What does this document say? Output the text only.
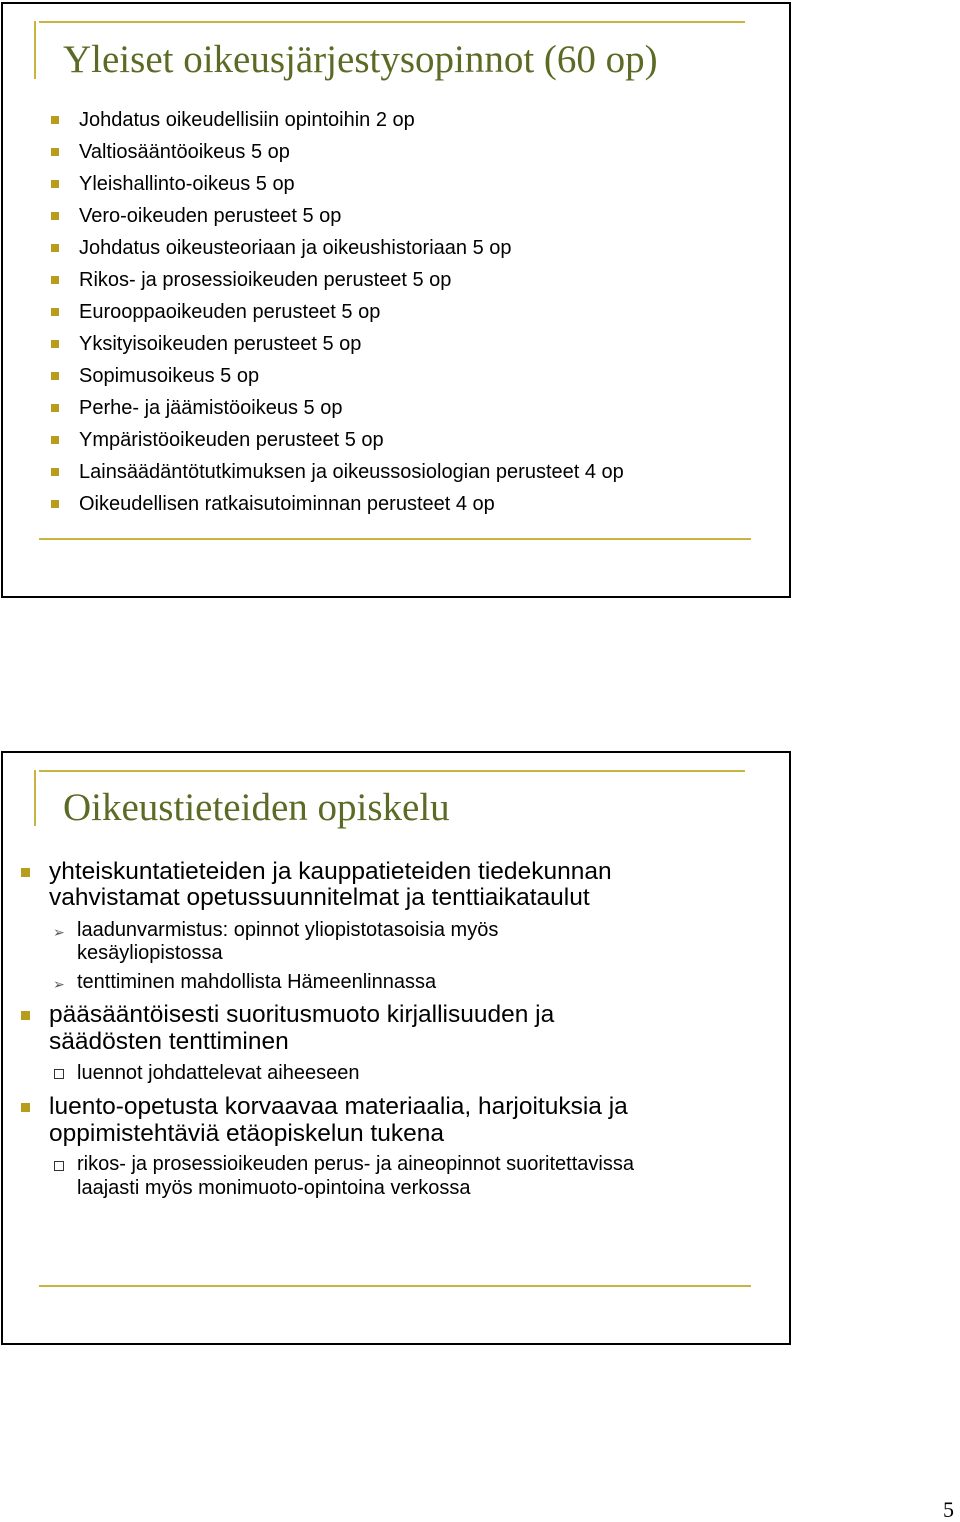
Yleiset oikeusjärjestysopinnot (60 op)
Johdatus oikeudellisiin opintoihin 2 op
Valtiosääntöoikeus 5 op
Yleishallinto-oikeus 5 op
Vero-oikeuden perusteet 5 op
Johdatus oikeusteoriaan ja oikeushistoriaan 5 op
Rikos- ja prosessioikeuden perusteet 5 op
Eurooppaoikeuden perusteet 5 op
Yksityisoikeuden perusteet 5 op
Sopimusoikeus 5 op
Perhe- ja jäämistöoikeus 5 op
Ympäristöoikeuden perusteet 5 op
Lainsäädäntötutkimuksen ja oikeussosiologian perusteet 4 op
Oikeudellisen ratkaisutoiminnan perusteet 4 op
Oikeustieteiden opiskelu
yhteiskuntatieteiden ja kauppatieteiden tiedekunnan
vahvistamat opetussuunnitelmat ja tenttiaikataulut
➢ laadunvarmistus: opinnot yliopistotasoisia myös
kesäyliopistossa
➢ tenttiminen mahdollista Hämeenlinnassa
pääsääntöisesti suoritusmuoto kirjallisuuden ja
säädösten tenttiminen
luennot johdattelevat aiheeseen
luento-opetusta korvaavaa materiaalia, harjoituksia ja
oppimistehtäviä etäopiskelun tukena
rikos- ja prosessioikeuden perus- ja aineopinnot suoritettavissa
laajasti myös monimuoto-opintoina verkossa
5
